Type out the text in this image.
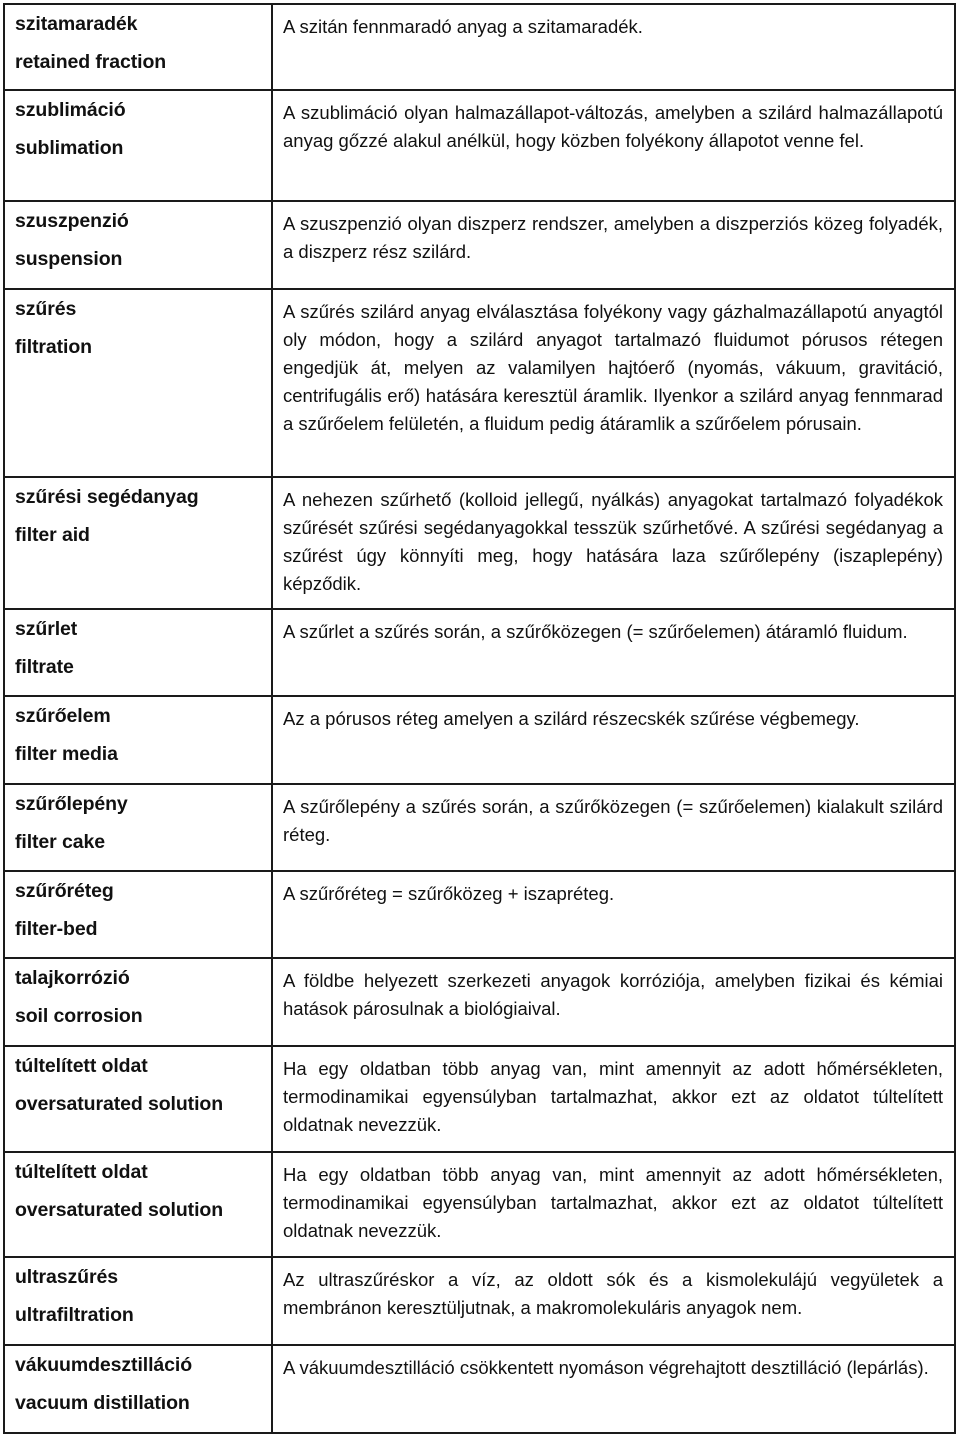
szitamaradék
retained fraction	A szitán fennmaradó anyag a szitamaradék.

szublimáció
sublimation	A szublimáció olyan halmazállapot-változás, amelyben a szilárd halmazállapotú anyag gőzzé alakul anélkül, hogy közben folyékony állapotot venne fel.

szuszpenzió
suspension	A szuszpenzió olyan diszperz rendszer, amelyben a diszperziós közeg folyadék, a diszperz rész szilárd.

szűrés
filtration	A szűrés szilárd anyag elválasztása folyékony vagy gázhalmazállapotú anyagtól oly módon, hogy a szilárd anyagot tartalmazó fluidumot pórusos rétegen engedjük át, melyen az valamilyen hajtóerő (nyomás, vákuum, gravitáció, centrifugális erő) hatására keresztül áramlik. Ilyenkor a szilárd anyag fennmarad a szűrőelem felületén, a fluidum pedig átáramlik a szűrőelem pórusain.

szűrési segédanyag
filter aid	A nehezen szűrhető (kolloid jellegű, nyálkás) anyagokat tartalmazó folyadékok szűrését szűrési segédanyagokkal tesszük szűrhetővé. A szűrési segédanyag a szűrést úgy könnyíti meg, hogy hatására laza szűrőlepény (iszaplepény) képződik.

szűrlet
filtrate	A szűrlet a szűrés során, a szűrőközegen (= szűrőelemen) átáramló fluidum.

szűrőelem
filter media	Az a pórusos réteg amelyen a szilárd részecskék szűrése végbemegy.

szűrőlepény
filter cake	A szűrőlepény a szűrés során, a szűrőközegen (= szűrőelemen) kialakult szilárd réteg.

szűrőréteg
filter-bed	A szűrőréteg = szűrőközeg + iszapréteg.

talajkorrózió
soil corrosion	A földbe helyezett szerkezeti anyagok korróziója, amelyben fizikai és kémiai hatások párosulnak a biológiaival.

túltelített oldat
oversaturated solution	Ha egy oldatban több anyag van, mint amennyit az adott hőmérsékleten, termodinamikai egyensúlyban tartalmazhat, akkor ezt az oldatot túltelített oldatnak nevezzük.

túltelített oldat
oversaturated solution	Ha egy oldatban több anyag van, mint amennyit az adott hőmérsékleten, termodinamikai egyensúlyban tartalmazhat, akkor ezt az oldatot túltelített oldatnak nevezzük.

ultraszűrés
ultrafiltration	Az ultraszűréskor a víz, az oldott sók és a kismolekulájú vegyületek a membránon keresztüljutnak, a makromolekuláris anyagok nem.

vákuumdesztilláció
vacuum distillation	A vákuumdesztilláció csökkentett nyomáson végrehajtott desztilláció (lepárlás).
